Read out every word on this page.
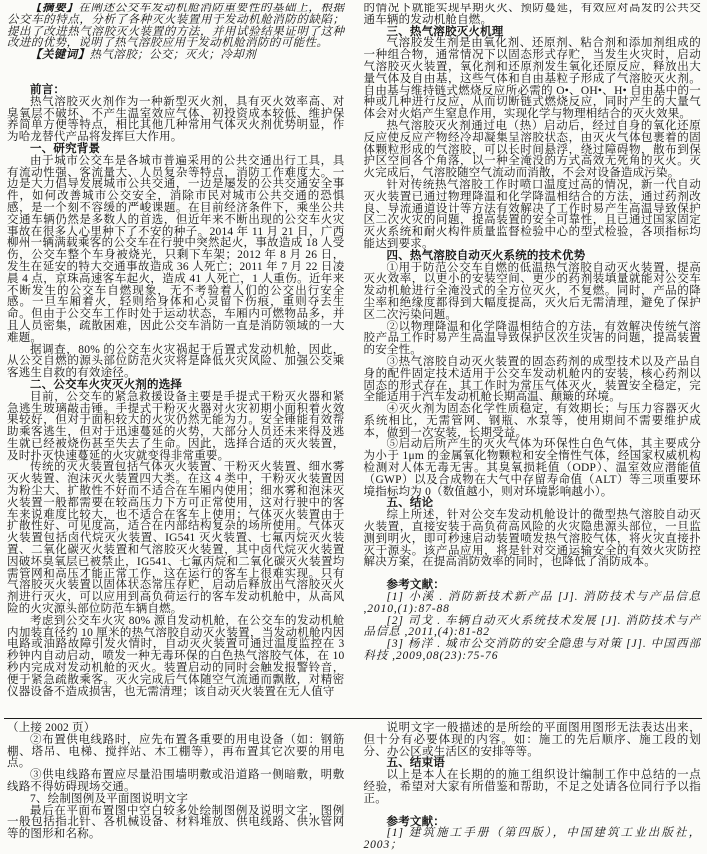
【摘要】在阐述公交车发动机舱消防重要性的基础上，根据公交车的特点，分析了各种灭火装置用于发动机舱消防的缺陷；提出了改进热气溶胶灭火装置的方法，并用试验结果证明了这种改进的优势，说明了热气溶胶应用于发动机舱消防的可能性。

【关键词】热气溶胶；公交；灭火；冷却剂

前言：

热气溶胶灭火剂作为一种新型灭火剂，具有灭火效率高、对臭氧层不破坏、不产生温室效应气体、初投资成本较低、维护保养简单方便等特点，相比其他几种常用气体灭火剂优势明显，作为哈龙替代产品将发挥巨大作用。

一、研究背景

由于城市公交车是各城市普遍采用的公共交通出行工具，具有流动性强、客流量大、人员复杂等特点，消防工作难度大。一边是大力倡导发展城市公共交通，一边是屡发的公共交通安全事件，如何改善城市公交安全，消除市民对城市公共交通的恐惧感，是一个刻不容缓的严峻课题。在目前经济条件下，乘坐公共交通车辆仍然是多数人的首选，但近年来不断出现的公交车火灾事故在很多人心里种下了不安的种子。2014 年 11 月 21 日，广西柳州一辆满载乘客的公交车在行驶中突然起火，事故造成 18 人受伤，公交车整个车身被烧光，只剩下车架；2012 年 8 月 26 日，发生在延安的特大交通事故造成 36 人死亡；2011 年 7 月 22 日凌晨 4 点，京珠高速客车起火，造成 41 人死亡，1 人重伤。近年来不断发生的公交车自燃现象，无不考验着人们的公交出行安全感。一旦车厢着火，轻则给身体和心灵留下伤痕，重则夺去生命。但由于公交车工作时处于运动状态，车厢内可燃物品多，并且人员密集，疏散困难，因此公交车消防一直是消防领域的一大难题。

据调查，80% 的公交车火灾祸起于后置式发动机舱，因此，从公交自燃的源头部位防范火灾将是降低火灾风险、加强公交乘客逃生自救的有效途径。

二、公交车火灾灭火剂的选择

目前，公交车的紧急救援设备主要是手提式干粉灭火器和紧急逃生玻璃敲击锤。手提式干粉灭火器对火灾初期小面积着火效果较好，但对于面积较大的火灾仍然无能为力。安全锤能有效帮助乘客逃生，但对于迅速蔓延的火势，大部分人员还未来得及逃生就已经被烧伤甚至失去了生命。因此，选择合适的灭火装置，及时扑灭快速蔓延的火灾就变得非常重要。

传统的灭火装置包括气体灭火装置、干粉灭火装置、细水雾灭火装置、泡沫灭火装置四大类。在这 4 类中，干粉灭火装置因为粉尘大、扩散性不好而不适合在车厢内使用；细水雾和泡沫灭火装置一般都需要在较高压力下方可正常使用，这对行驶中的客车来说难度比较大，也不适合在客车上使用；气体灭火装置由于扩散性好、可见度高，适合在内部结构复杂的场所使用。气体灭火装置包括卤代烷灭火装置、IG541 灭火装置、七氟丙烷灭火装置、二氧化碳灭火装置和气溶胶灭火装置，其中卤代烷灭火装置因破坏臭氧层已被禁止，IG541、七氟丙烷和二氧化碳灭火装置均需管网和高压才能正常工作，这在运行的客车上很难实现。只有气溶胶灭火装置以固体状态常压存贮，启动后释放出气溶胶灭火剂进行灭火，可以应用到高负荷运行的客车发动机舱中，从高风险的火灾源头部位防范车辆自燃。

考虑到公交车火灾 80% 源自发动机舱，在公交车的发动机舱内加装直径约 10 厘米的热气溶胶自动灭火装置，当发动机舱内因电路或油路故障引发火情时，自动灭火装置可通过温度监控在 3 秒钟内自动启动，喷发一种无毒环保的白色热气溶胶气体，在 10 秒内完成对发动机舱的灭火。装置启动的同时会触发报警铃音，便于紧急疏散乘客。灭火完成后气体随空气流通而飘散，对精密仪器设备不造成损害，也无需清理；该自动灭火装置在无人值守

（上接 2002 页）

②布置供电线路时，应先布置各重要的用电设备（如：钢筋棚、塔吊、电梯、搅拌站、木工棚等），再布置其它次要的用电点。

③供电线路布置应尽量沿围墙明敷或沿道路一侧暗敷，明敷线路不得妨碍现场交通。

7、绘制图例及平面图说明文字

最后在平面布置图中空白较多处绘制图例及说明文字，图例一般包括指北针、各机械设备、材料堆放、供电线路、供水管网等的图形和名称。

的情况下就能实现早期灭火、预防蔓延，有效应对高发的公共交通车辆的发动机舱自燃。

三、热气溶胶灭火机理

气溶胶发生剂是由氧化剂、还原剂、粘合剂和添加剂组成的一种组合物，通常情况下以固态形式存贮，当发生火灾时，启动气溶胶灭火装置，氧化剂和还原剂发生氧化还原反应，释放出大量气体及自由基，这些气体和自由基粒子形成了气溶胶灭火剂。自由基与维持链式燃烧反应所必需的 O•、OH•、H• 自由基中的一种或几种进行反应，从而切断链式燃烧反应，同时产生的大量气体会对火焰产生窒息作用，实现化学与物理相结合的灭火效果。

热气溶胶灭火剂通过电（热）启动后，经过自身的氧化还原反应使反应产物经冷却凝集呈溶胶状态，由灭火气体包裹着的固体颗粒形成的气溶胶，可以长时间悬浮，绕过障碍物，散布到保护区空间各个角落，以一种全淹没的方式高效无死角的灭火。灭火完成后，气溶胶随空气流动而消散，不会对设备造成污染。

针对传统热气溶胶工作时喷口温度过高的情况，新一代自动灭火装置已通过物理降温和化学降温相结合的方法，通过药剂改良、导流通道设计等方法有效解决了工作时易产生高温导致保护区二次火灾的问题，提高装置的安全可靠性，且已通过国家固定灭火系统和耐火构件质量监督检验中心的型式检验，各项指标均能达到要求。

四、热气溶胶自动灭火系统的技术优势

①用于防范公交车自燃的低温热气溶胶自动灭火装置，提高灭火效率，以更小的安装空间、更少的药剂装填量就能对公交车发动机舱进行全淹没式的全方位灭火，不复燃。同时，产品的降尘率和绝缘度都得到大幅度提高，灭火后无需清理，避免了保护区二次污染问题。

②以物理降温和化学降温相结合的方法，有效解决传统气溶胶产品工作时易产生高温导致保护区次生灾害的问题，提高装置的安全性。

③热气溶胶自动灭火装置的固态药剂的成型技术以及产品自身的配件固定技术适用于公交车发动机舱内的安装，核心药剂以固态的形式存在，其工作时为常压气体灭火，装置安全稳定，完全能适用于汽车发动机舱长期高温、颠簸的环境。

④灭火剂为固态化学性质稳定，有效期长；与压力容器灭火系统相比，无需管网、钢瓶、水泵等，使用期间不需要维护成本，做到一次安装，长期受益。

⑤启动后所产生的灭火气体为环保性白色气体，其主要成分为小于 1μm 的金属氧化物颗粒和安全惰性气体，经国家权威机构检测对人体无毒无害。其臭氧损耗值（ODP）、温室效应潜能值（GWP）以及合成物在大气中存留寿命值（ALT）等三项重要环境指标均为 0（数值越小，则对环境影响越小）。

五、结论

综上所述，针对公交车发动机舱设计的微型热气溶胶自动灭火装置，直接安装于高负荷高风险的火灾隐患源头部位，一旦监测到明火，即可秒速启动装置喷发热气溶胶气体，将火灾直接扑灭于源头。该产品应用，将是针对交通运输安全的有效火灾防控解决方案，在提高消防效率的同时，也降低了消防成本。

参考文献：

[1] 小溪 . 消防新技术新产品 [J]. 消防技术与产品信息 ,2010,(1):87-88

[2] 司戈 . 车辆自动灭火系统技术发展 [J]. 消防技术与产品信息 ,2011,(4):81-82

[3] 杨洋 . 城市公交消防的安全隐患与对策 [J]. 中国西部科技 ,2009,08(23):75-76

说明文字一般描述的是所绘的平面图用图形无法表达出来，但十分有必要体现的内容。如：施工的先后顺序、施工段的划分、办公区或生活区的安排等等。

五、结束语

以上是本人在长期的的施工组织设计编制工作中总结的一点经验，希望对大家有所借鉴和帮助，不足之处请各位同行予以指正。

参考文献：

[1] 建筑施工手册（第四版），中国建筑工业出版社，2003；
